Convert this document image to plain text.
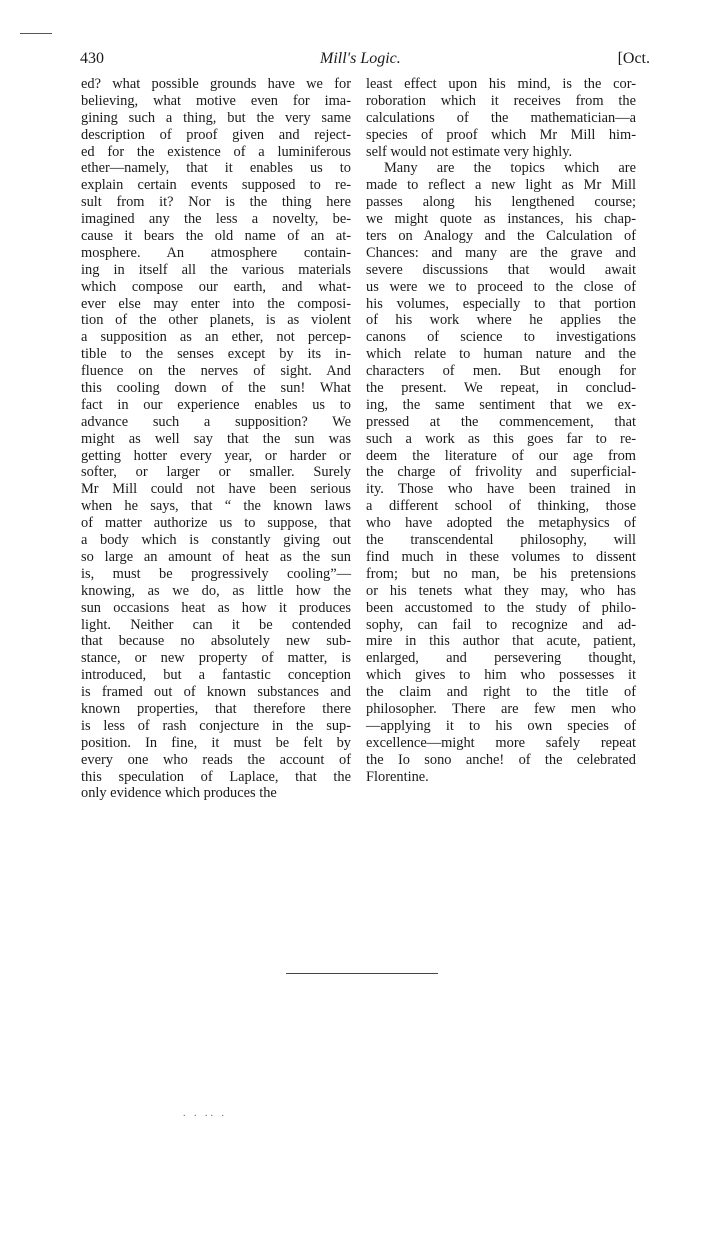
430	Mill's Logic.	[Oct.
ed? what possible grounds have we for
believing, what motive even for ima-
gining such a thing, but the very same
description of proof given and reject-
ed for the existence of a luminiferous
ether—namely, that it enables us to
explain certain events supposed to re-
sult from it? Nor is the thing here
imagined any the less a novelty, be-
cause it bears the old name of an at-
mosphere. An atmosphere contain-
ing in itself all the various materials
which compose our earth, and what-
ever else may enter into the composi-
tion of the other planets, is as violent
a supposition as an ether, not percep-
tible to the senses except by its in-
fluence on the nerves of sight. And
this cooling down of the sun! What
fact in our experience enables us to
advance such a supposition? We
might as well say that the sun was
getting hotter every year, or harder or
softer, or larger or smaller. Surely
Mr Mill could not have been serious
when he says, that “ the known laws
of matter authorize us to suppose, that
a body which is constantly giving out
so large an amount of heat as the sun
is, must be progressively cooling”—
knowing, as we do, as little how the
sun occasions heat as how it produces
light. Neither can it be contended
that because no absolutely new sub-
stance, or new property of matter, is
introduced, but a fantastic conception
is framed out of known substances and
known properties, that therefore there
is less of rash conjecture in the sup-
position. In fine, it must be felt by
every one who reads the account of
this speculation of Laplace, that the
only evidence which produces the
least effect upon his mind, is the cor-
roboration which it receives from the
calculations of the mathematician—a
species of proof which Mr Mill him-
self would not estimate very highly.
Many are the topics which are
made to reflect a new light as Mr Mill
passes along his lengthened course;
we might quote as instances, his chap-
ters on Analogy and the Calculation of
Chances: and many are the grave and
severe discussions that would await
us were we to proceed to the close of
his volumes, especially to that portion
of his work where he applies the
canons of science to investigations
which relate to human nature and the
characters of men. But enough for
the present. We repeat, in conclud-
ing, the same sentiment that we ex-
pressed at the commencement, that
such a work as this goes far to re-
deem the literature of our age from
the charge of frivolity and superficial-
ity. Those who have been trained in
a different school of thinking, those
who have adopted the metaphysics of
the transcendental philosophy, will
find much in these volumes to dissent
from; but no man, be his pretensions
or his tenets what they may, who has
been accustomed to the study of philo-
sophy, can fail to recognize and ad-
mire in this author that acute, patient,
enlarged, and persevering thought,
which gives to him who possesses it
the claim and right to the title of
philosopher. There are few men who
—applying it to his own species of
excellence—might more safely repeat
the Io sono anche! of the celebrated
Florentine.
. . .. .
